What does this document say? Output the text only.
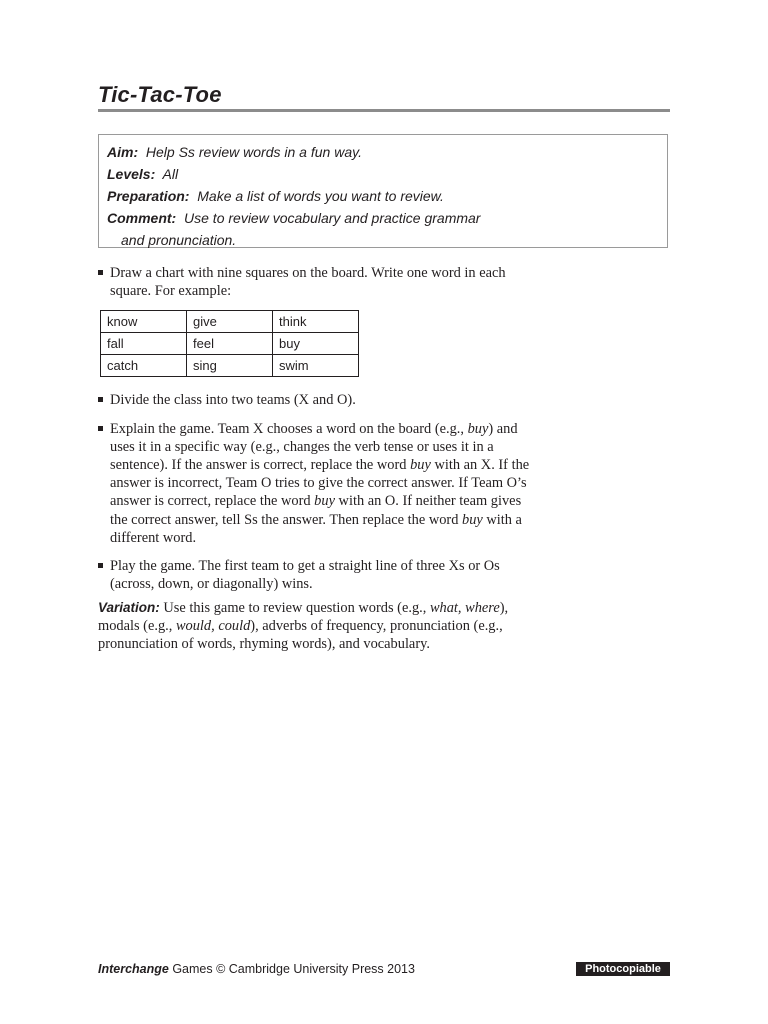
Tic-Tac-Toe
Aim: Help Ss review words in a fun way.
Levels: All
Preparation: Make a list of words you want to review.
Comment: Use to review vocabulary and practice grammar
and pronunciation.
Draw a chart with nine squares on the board. Write one word in each
square. For example:
know	give	think
fall	feel	buy
catch	sing	swim
Divide the class into two teams (X and O).
Explain the game. Team X chooses a word on the board (e.g., buy) and uses it in a specific way (e.g., changes the verb tense or uses it in a sentence). If the answer is correct, replace the word buy with an X. If the answer is incorrect, Team O tries to give the correct answer. If Team O’s answer is correct, replace the word buy with an O. If neither team gives the correct answer, tell Ss the answer. Then replace the word buy with a different word.
Play the game. The first team to get a straight line of three Xs or Os (across, down, or diagonally) wins.
Variation: Use this game to review question words (e.g., what, where), modals (e.g., would, could), adverbs of frequency, pronunciation (e.g., pronunciation of words, rhyming words), and vocabulary.
Interchange Games © Cambridge University Press 2013	Photocopiable
